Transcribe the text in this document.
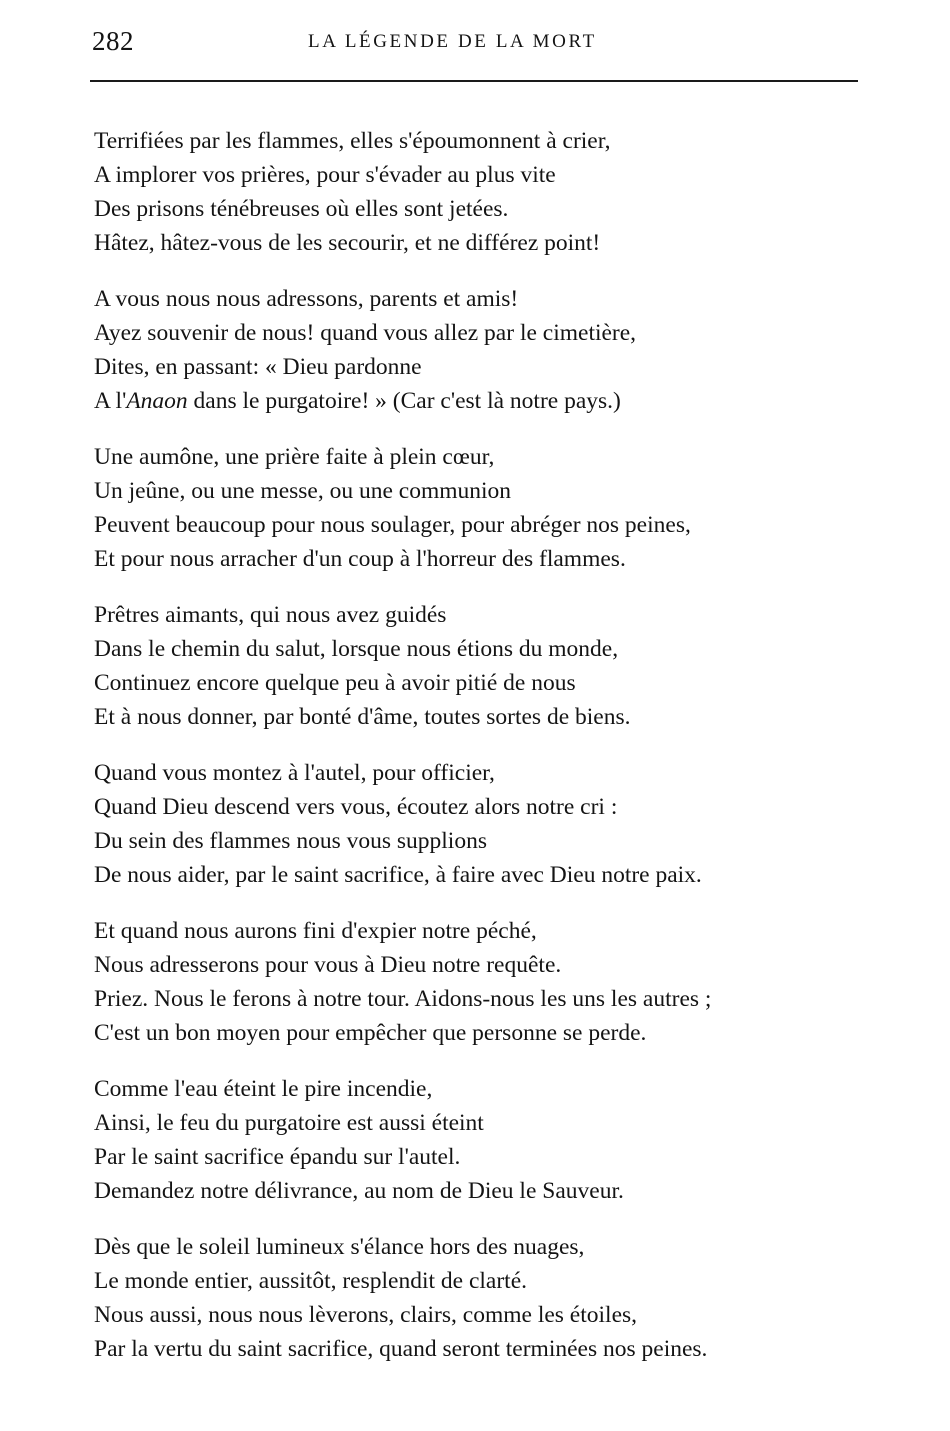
282	LA LÉGENDE DE LA MORT
Terrifiées par les flammes, elles s'époumonnent à crier,
A implorer vos prières, pour s'évader au plus vite
Des prisons ténébreuses où elles sont jetées.
Hâtez, hâtez-vous de les secourir, et ne différez point!
A vous nous nous adressons, parents et amis!
Ayez souvenir de nous! quand vous allez par le cimetière,
Dites, en passant: « Dieu pardonne
A l'Anaon dans le purgatoire! » (Car c'est là notre pays.)
Une aumône, une prière faite à plein cœur,
Un jeûne, ou une messe, ou une communion
Peuvent beaucoup pour nous soulager, pour abréger nos peines,
Et pour nous arracher d'un coup à l'horreur des flammes.
Prêtres aimants, qui nous avez guidés
Dans le chemin du salut, lorsque nous étions du monde,
Continuez encore quelque peu à avoir pitié de nous
Et à nous donner, par bonté d'âme, toutes sortes de biens.
Quand vous montez à l'autel, pour officier,
Quand Dieu descend vers vous, écoutez alors notre cri :
Du sein des flammes nous vous supplions
De nous aider, par le saint sacrifice, à faire avec Dieu notre paix.
Et quand nous aurons fini d'expier notre péché,
Nous adresserons pour vous à Dieu notre requête.
Priez. Nous le ferons à notre tour. Aidons-nous les uns les autres ;
C'est un bon moyen pour empêcher que personne se perde.
Comme l'eau éteint le pire incendie,
Ainsi, le feu du purgatoire est aussi éteint
Par le saint sacrifice épandu sur l'autel.
Demandez notre délivrance, au nom de Dieu le Sauveur.
Dès que le soleil lumineux s'élance hors des nuages,
Le monde entier, aussitôt, resplendit de clarté.
Nous aussi, nous nous lèverons, clairs, comme les étoiles,
Par la vertu du saint sacrifice, quand seront terminées nos peines.
